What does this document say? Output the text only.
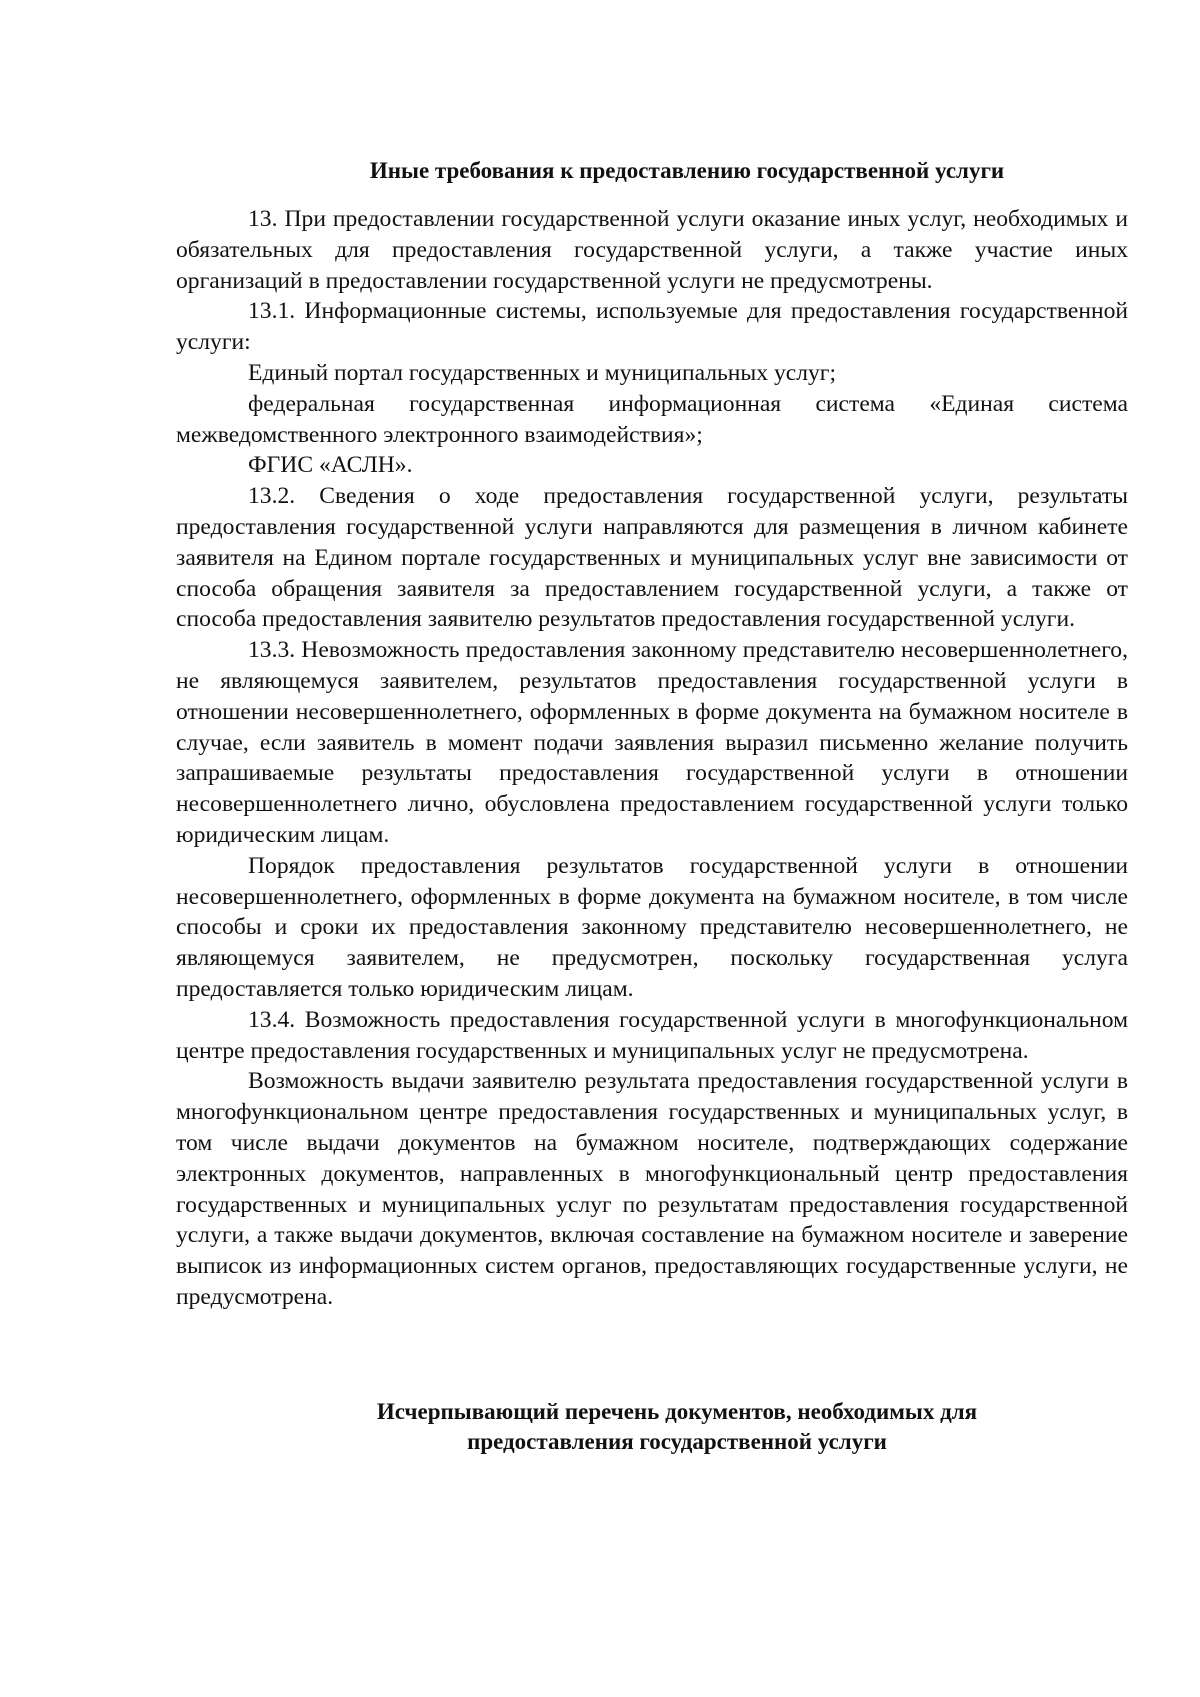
Иные требования к предоставлению государственной услуги

13. При предоставлении государственной услуги оказание иных услуг, необходимых и обязательных для предоставления государственной услуги, а также участие иных организаций в предоставлении государственной услуги не предусмотрены.

13.1. Информационные системы, используемые для предоставления государственной услуги:

Единый портал государственных и муниципальных услуг;

федеральная государственная информационная система «Единая система межведомственного электронного взаимодействия»;

ФГИС «АСЛН».

13.2. Сведения о ходе предоставления государственной услуги, результаты предоставления государственной услуги направляются для размещения в личном кабинете заявителя на Едином портале государственных и муниципальных услуг вне зависимости от способа обращения заявителя за предоставлением государственной услуги, а также от способа предоставления заявителю результатов предоставления государственной услуги.

13.3. Невозможность предоставления законному представителю несовершеннолетнего, не являющемуся заявителем, результатов предоставления государственной услуги в отношении несовершеннолетнего, оформленных в форме документа на бумажном носителе в случае, если заявитель в момент подачи заявления выразил письменно желание получить запрашиваемые результаты предоставления государственной услуги в отношении несовершеннолетнего лично, обусловлена предоставлением государственной услуги только юридическим лицам.

Порядок предоставления результатов государственной услуги в отношении несовершеннолетнего, оформленных в форме документа на бумажном носителе, в том числе способы и сроки их предоставления законному представителю несовершеннолетнего, не являющемуся заявителем, не предусмотрен, поскольку государственная услуга предоставляется только юридическим лицам.

13.4. Возможность предоставления государственной услуги в многофункциональном центре предоставления государственных и муниципальных услуг не предусмотрена.

Возможность выдачи заявителю результата предоставления государственной услуги в многофункциональном центре предоставления государственных и муниципальных услуг, в том числе выдачи документов на бумажном носителе, подтверждающих содержание электронных документов, направленных в многофункциональный центр предоставления государственных и муниципальных услуг по результатам предоставления государственной услуги, а также выдачи документов, включая составление на бумажном носителе и заверение выписок из информационных систем органов, предоставляющих государственные услуги, не предусмотрена.

Исчерпывающий перечень документов, необходимых для
предоставления государственной услуги
